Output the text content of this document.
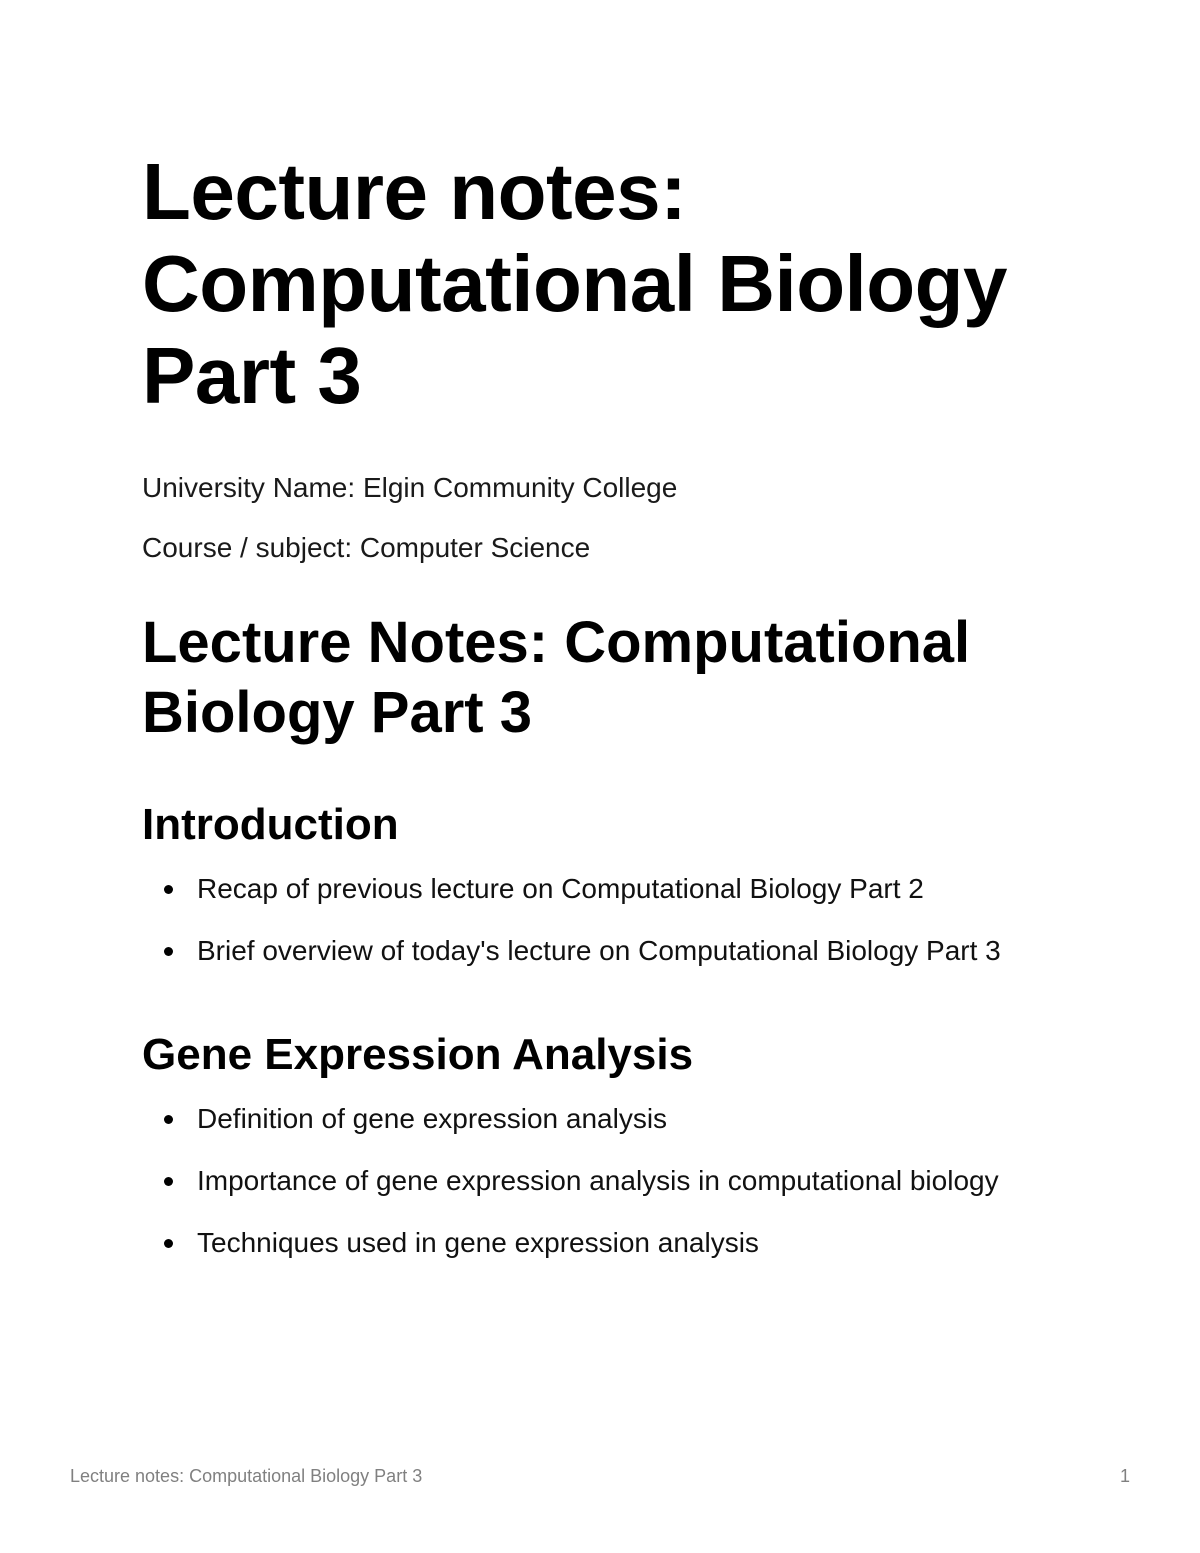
Lecture notes:
Computational Biology
Part 3

University Name: Elgin Community College

Course / subject: Computer Science

Lecture Notes: Computational Biology Part 3
Introduction
Recap of previous lecture on Computational Biology Part 2
Brief overview of today's lecture on Computational Biology Part 3
Gene Expression Analysis
Definition of gene expression analysis
Importance of gene expression analysis in computational biology
Techniques used in gene expression analysis
Lecture notes: Computational Biology Part 3	1
